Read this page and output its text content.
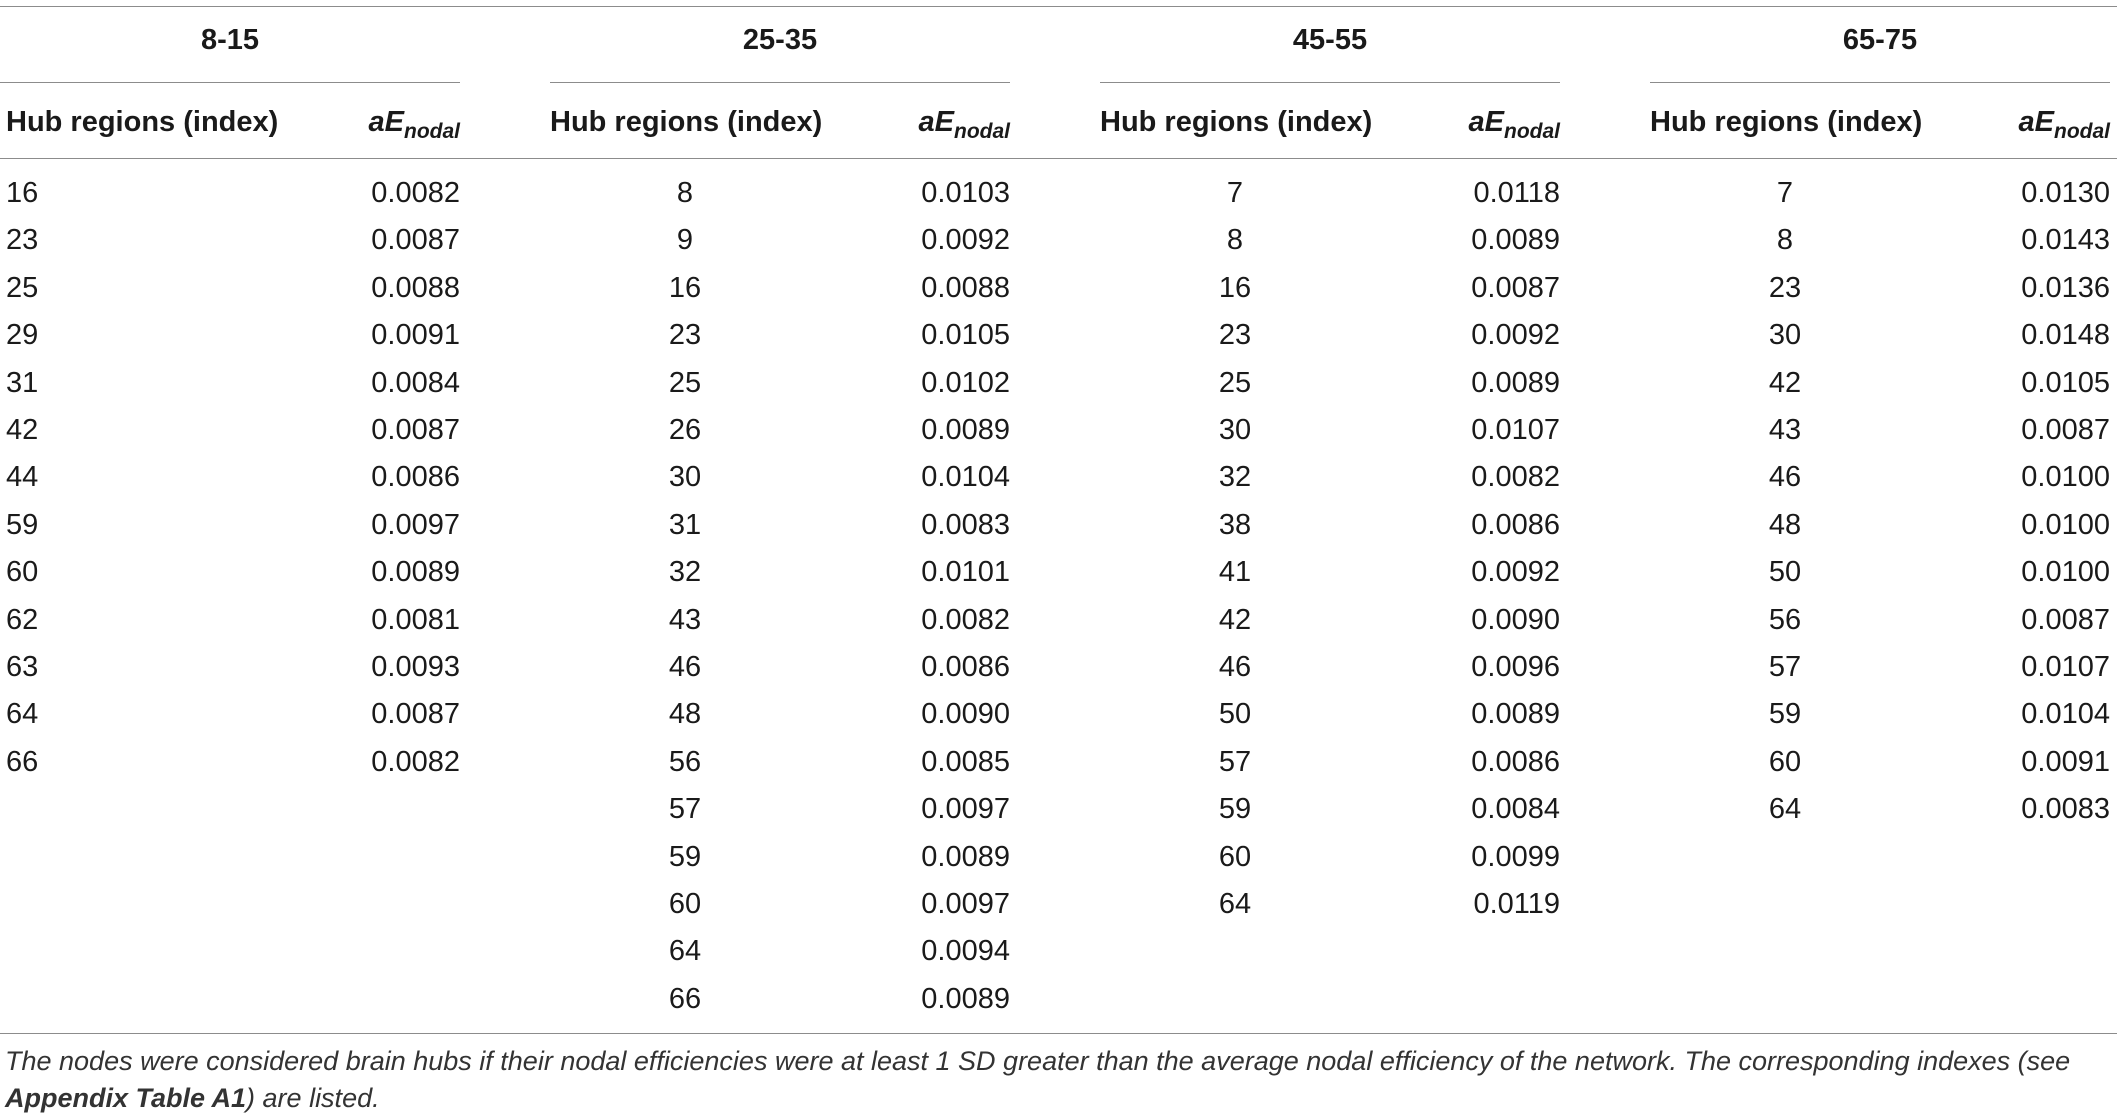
8-15
Hub regions (index)	$aE_{nodal}$
16	0.0082
23	0.0087
25	0.0088
29	0.0091
31	0.0084
42	0.0087
44	0.0086
59	0.0097
60	0.0089
62	0.0081
63	0.0093
64	0.0087
66	0.0082
25-35
Hub regions (index)	$aE_{nodal}$
8	0.0103
9	0.0092
16	0.0088
23	0.0105
25	0.0102
26	0.0089
30	0.0104
31	0.0083
32	0.0101
43	0.0082
46	0.0086
48	0.0090
56	0.0085
57	0.0097
59	0.0089
60	0.0097
64	0.0094
66	0.0089
45-55
Hub regions (index)	$aE_{nodal}$
7	0.0118
8	0.0089
16	0.0087
23	0.0092
25	0.0089
30	0.0107
32	0.0082
38	0.0086
41	0.0092
42	0.0090
46	0.0096
50	0.0089
57	0.0086
59	0.0084
60	0.0099
64	0.0119
65-75
Hub regions (index)	$aE_{nodal}$
7	0.0130
8	0.0143
23	0.0136
30	0.0148
42	0.0105
43	0.0087
46	0.0100
48	0.0100
50	0.0100
56	0.0087
57	0.0107
59	0.0104
60	0.0091
64	0.0083
The nodes were considered brain hubs if their nodal efficiencies were at least 1 SD greater than the average nodal efficiency of the network. The corresponding indexes (see Appendix Table A1) are listed.
